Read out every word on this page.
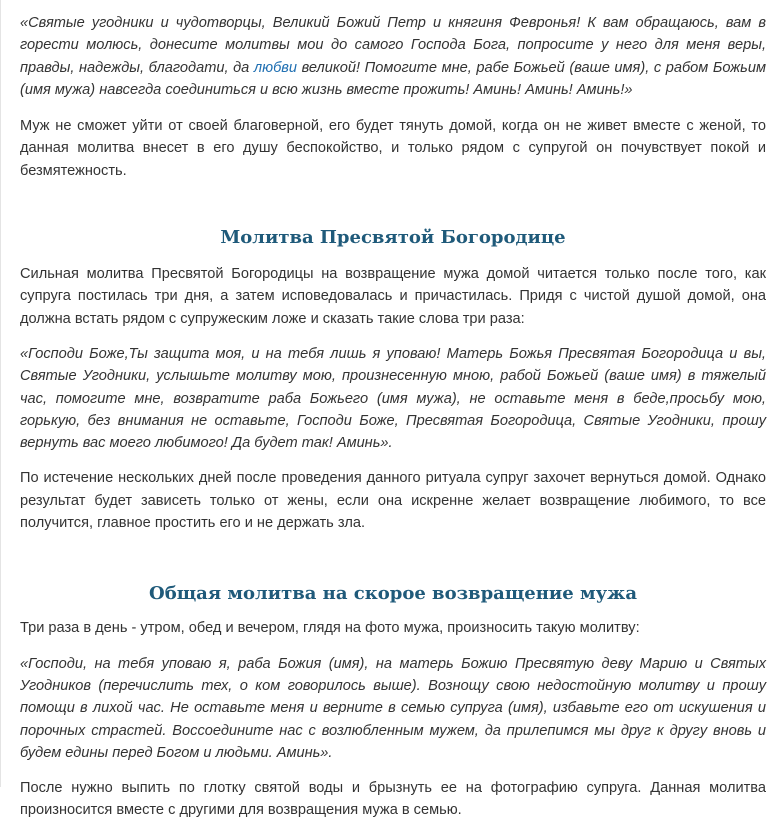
«Святые угодники и чудотворцы, Великий Божий Петр и княгиня Февронья! К вам обращаюсь, вам в горести молюсь, донесите молитвы мои до самого Господа Бога, попросите у него для меня веры, правды, надежды, благодати, да любви великой! Помогите мне, рабе Божьей (ваше имя), с рабом Божьим (имя мужа) навсегда соединиться и всю жизнь вместе прожить! Аминь! Аминь! Аминь!»

Муж не сможет уйти от своей благоверной, его будет тянуть домой, когда он не живет вместе с женой, то данная молитва внесет в его душу беспокойство, и только рядом с супругой он почувствует покой и безмятежность.

Молитва Пресвятой Богородице

Сильная молитва Пресвятой Богородицы на возвращение мужа домой читается только после того, как супруга постилась три дня, а затем исповедовалась и причастилась. Придя с чистой душой домой, она должна встать рядом с супружеским ложе и сказать такие слова три раза:

«Господи Боже,Ты защита моя, и на тебя лишь я уповаю! Матерь Божья Пресвятая Богородица и вы, Святые Угодники, услышьте молитву мою, произнесенную мною, рабой Божьей (ваше имя) в тяжелый час, помогите мне, возвратите раба Божьего (имя мужа), не оставьте меня в беде,просьбу мою, горькую, без внимания не оставьте, Господи Боже, Пресвятая Богородица, Святые Угодники, прошу вернуть вас моего любимого! Да будет так! Аминь».

По истечение нескольких дней после проведения данного ритуала супруг захочет вернуться домой. Однако результат будет зависеть только от жены, если она искренне желает возвращение любимого, то все получится, главное простить его и не держать зла.

Общая молитва на скорое возвращение мужа

Три раза в день - утром, обед и вечером, глядя на фото мужа, произносить такую молитву:

«Господи, на тебя уповаю я, раба Божия (имя), на матерь Божию Пресвятую деву Марию и Святых Угодников (перечислить тех, о ком говорилось выше). Вознощу свою недостойную молитву и прошу помощи в лихой час. Не оставьте меня и верните в семью супруга (имя), избавьте его от искушения и порочных страстей. Воссоедините нас с возлюбленным мужем, да прилепимся мы друг к другу вновь и будем едины перед Богом и людьми. Аминь».

После нужно выпить по глотку святой воды и брызнуть ее на фотографию супруга. Данная молитва произносится вместе с другими для возвращения мужа в семью.
